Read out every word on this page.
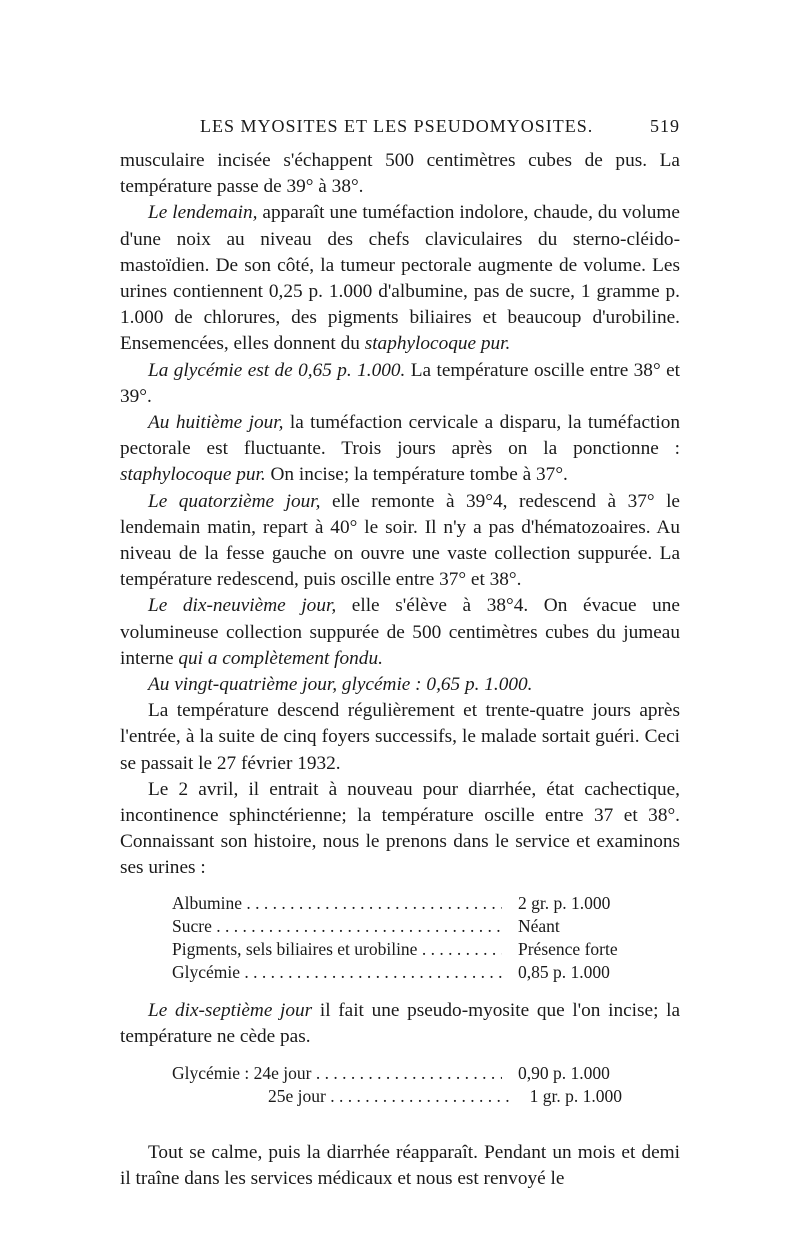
LES MYOSITES ET LES PSEUDOMYOSITES.	519

musculaire incisée s'échappent 500 centimètres cubes de pus. La température passe de 39° à 38°.

Le lendemain, apparaît une tuméfaction indolore, chaude, du volume d'une noix au niveau des chefs claviculaires du sterno-cléido-mastoïdien. De son côté, la tumeur pectorale augmente de volume. Les urines contiennent 0,25 p. 1.000 d'albumine, pas de sucre, 1 gramme p. 1.000 de chlorures, des pigments biliaires et beaucoup d'urobiline. Ensemencées, elles donnent du staphylocoque pur.

La glycémie est de 0,65 p. 1.000. La température oscille entre 38° et 39°.

Au huitième jour, la tuméfaction cervicale a disparu, la tuméfaction pectorale est fluctuante. Trois jours après on la ponctionne : staphylocoque pur. On incise; la température tombe à 37°.

Le quatorzième jour, elle remonte à 39°4, redescend à 37° le lendemain matin, repart à 40° le soir. Il n'y a pas d'hématozoaires. Au niveau de la fesse gauche on ouvre une vaste collection suppurée. La température redescend, puis oscille entre 37° et 38°.

Le dix-neuvième jour, elle s'élève à 38°4. On évacue une volumineuse collection suppurée de 500 centimètres cubes du jumeau interne qui a complètement fondu.

Au vingt-quatrième jour, glycémie : 0,65 p. 1.000.

La température descend régulièrement et trente-quatre jours après l'entrée, à la suite de cinq foyers successifs, le malade sortait guéri. Ceci se passait le 27 février 1932.

Le 2 avril, il entrait à nouveau pour diarrhée, état cachectique, incontinence sphinctérienne; la température oscille entre 37 et 38°. Connaissant son histoire, nous le prenons dans le service et examinons ses urines :

Albumine . . .	2 gr. p. 1.000
Sucre . . .	Néant
Pigments, sels biliaires et urobiline . . .	Présence forte
Glycémie . . .	0,85 p. 1.000

Le dix-septième jour il fait une pseudo-myosite que l'on incise; la température ne cède pas.

Glycémie : 24e jour . . .	0,90 p. 1.000
25e jour . . .	1 gr. p. 1.000

Tout se calme, puis la diarrhée réapparaît. Pendant un mois et demi il traîne dans les services médicaux et nous est renvoyé le
